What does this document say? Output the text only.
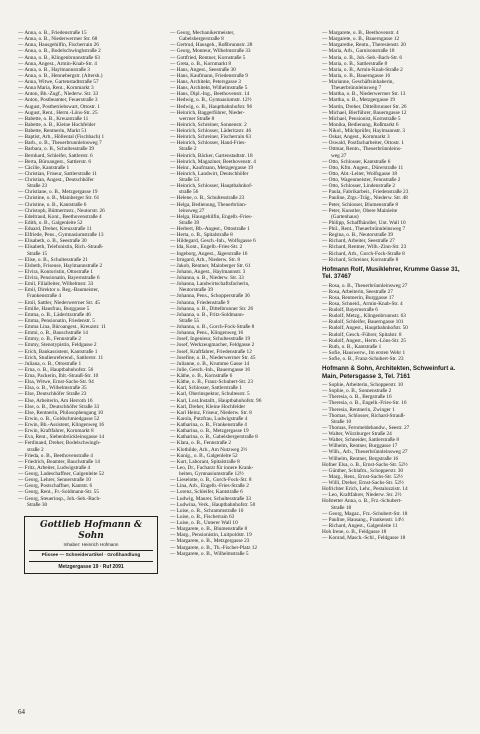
— Anna, o. B., Friedenstraße 15
— Anna, o. B., Niederwerrner Str. 68
— Anna, Hausgehilfin, Fischerrain 26
— Anna, o. B., Bodelschwinghstraße 2
— Anna, o. B., Klingenbrunnstraße 63
— Anna, Angest., Armin-Knab-Str. 4
— Anna, o. B., Haylmannstraße 3
— Anna, o. B., Hennebergstr. (Altersh.)
— Anna, Witwe, Gartenstadtstraße 57
— Anna Maria, Rent., Kornmarkt 3
— Anton, Bb.-Zugf., Niederw. Str. 33
— Anton, Postbeamter, Feuerstraße 3
— August, Postbetriebswart, Ottostr. 1
— August, Rent., Herm.-Löns-Str. 25
— Babette, o. B., Kreuzstraße 11
— Babette, o. B., Kleine Hochfelder
— Babette, Rentnerin, Markt 51
— Baptist, Arb., Höllental (Fischbach) 1
— Barb., o. B., Theuerbrunnleinsweg 7
— Barbara, o. B., Schultesstraße 39
— Bernhard, Schleifer, Sattlerstr. 6
— Berta, Büroangest., Sattlerstr. 6
— Cäcilie, Kantstraße 1
— Christian, Friseur, Sattlerstraße 11
— Christian, Angest., Deutschhöfer
Straße 23
— Christiane, o. B., Metzgergasse 19
— Christine, o. B., Mainberger Str. 61
— Christine, o. B., Kantstraße 6
— Christoph, Büttnermstr., Neutorstr. 26
— Edeltraud, Kont., Beethovenstraße 4
— Edith, o. B., Galgenleite 52
— Eduard, Dreher, Kreuzstraße 11
— Elfriede, Pens., Gymnasiumstraße 13
— Elisabeth, o. B., Seestraße 30
— Elisabeth, Telefonistin, Rich.-Strauß-
Straße 15
— Elise, o. B., Schultesstraße 21
— Elsbeth, Friseuse, Haylmannstraße 2
— Elvira, Kontoristin, Ottostraße 1
— Elvira, Pensionatin, Bayernstraße 6
— Emil, Filialleiter, Wilhelmstr. 33
— Emil, Direktor u. Reg.-Baumeister,
Frankenstraße 4
— Emil, Sattler, Niederwerrner Str. 45
— Emilie, Hausfrau, Burggasse 5
— Emma, o. B., Läderitzstraße 46
— Emma, Pensionatin, Friedenstr. 5
— Emma Lina, Büroangest., Kreuzstr. 11
— Emmi, o. B., Bauschstraße 14
— Emmy, o. B., Fennstraße 2
— Emmy, Stenotypistin, Feldgasse 2
— Erich, Bankassistent, Kantstraße 1
— Erich, Studienreferend., Sattlerstr. 11
— Juliana, o. B., Ottostraße 1
— Erna, o. B., Hauptbahnhofstr. 56
— Erna, Packerin, Ihlt.-Strauß-Str. 10
— Elsa, Witwe, Ernst-Sachs-Str. 94
— Elsa, o. B., Wilhelmstraße 35
— Else, Deutschhöfer Straße 23
— Else, Arbeiterin, Am Herroth 16
— Else, o. B., Deutschhöfer Straße 33
— Else, Rentnerin, Philosophengang 10
— Erwin, o. B., Goldschmiedgasse 52
— Erwin, Bb.-Assistent, Klingenweg 16
— Erwin, Kraftfahrer, Kornmarkt 8
— Eva, Rent., Siebenbrückleinsgasse 14
— Ferdinand, Dreher, Bodelschwingh-
straße 2
— Frieda, o. B., Beethovenstraße 4
— Friedrich, Beamter, Bauchstraße 14
— Fritz, Arbeiter, Ludwigstraße 4
— Georg, Ladeschaffner, Galgenleite 52
— Georg, Lehrer, Sennerstraße 10
— Georg, Postschaffner, Kantstr. 6
— Georg, Rent., Fr.-Soldmann-Str. 55
— Georg, Steuerinsp., Joh.-Seb.-Bach-
Straße 30
Gottlieb Hofmann & Sohn
Inhaber: Heinrich Hofmann
Plissee — Schneiderartikel · Großhandlung
Metzgergasse 19 · Ruf 2091
— Georg, Mechanikermeister,
Gabelsbergerstraße 8
— Gertrud, Hausgeh., Roßbrunnstr. 28
— Georg, Monteur, Wilhelmstraße 33
— Gottfried, Rentner, Kornstraße 5
— Greta, o. B., Kornmarkt 8
— Hans, Angest., Seestraße 30
— Hans, Kaufmann, Friedenstraße 9
— Hans, Architekt, Petersgasse 3
— Hans, Architekt, Wilhelmstraße 5
— Hans, Dipl.-Ing., Beethovenstr. 14
— Hedwig, o. B., Gymnasiumstr. 12½
— Hedwig, o. B., Hauptbahnhofstr. 96
— Heinrich, Baggerführer, Nieder-
werrner Straße 8
— Heinrich, Schreiner, Sonnenstr. 2
— Heinrich, Schlosser, Läderitzstr. 46
— Heinrich, Schreiner, Fischerrain 63
— Heinrich, Schlosser, Hand-Fries-
Straße 2
— Heinrich, Bäcker, Gartenstadtstr. 18
— Heinrich, Magaziner, Beethovenstr. 4
— Heinr., Kaufmann, Metzgergasse 19
— Heinrich, Landwirt, Deutschhöfer
Straße 53
— Heinrich, Schlosser, Hauptbahnhof-
straße 56
— Helene, o. B., Schultesstraße 23
— Helga, Bedienung, Theuerbrünn-
leinsweg 27
— Helga, Hausgehilfin, Engelb.-Fries-
Straße 39
— Herbert, Bb.-Angest., Ottostraße 1
— Herta, o. B., Spitalstraße 8
— Hildegard, Gesch.-Inh., Wolfsgasse 6
— Ida, Kont., Engelb.-Fries-Str. 2
— Ingeborg, Angest., Jägerstraße 16
— Irmgard, Arb., Niederw. Str. 8
— Jakob, Rentner, Mainberger Str. 61
— Johann, Angest., Haylmannstr. 3
— Johanna, o. B., Niederw. Str. 33
— Johanna, Landwirtschaftsfacherin,
Neutorstraße 39
— Johanna, Pens., Schopperstraße 36
— Johanna, Friedenstraße 9
— Johanna, o. B., Dittelbrunner Str. 26
— Johanna, o. B., Fritz-Soldmann-
Straße 55
— Johanna, o. B., Gorch-Fock-Straße 8
— Johanna, Pens., Klingenweg 16
— Josef, Ingenieur, Schultesstraße 19
— Josef, Werkzeugmacher, Feldgasse 2
— Josef, Kraftfahrer, Friedenstraße 12
— Josefine, o. B., Niederwerrner Str. 45
— Julianne, o. B., Krumme Gasse 14
— Julie, Gesch.-Inh., Bauerngasse 16
— Käthe, o. B., Kornstraße 6
— Käthe, o. B., Franz-Schubert-Str. 23
— Karl, Schlosser, Sattlerstraße 1
— Karl, Oberinspektor, Schultesstr. 5
— Karl, Lost.Installt., Hauptbahnhofstr. 96
— Karl, Dreher, Kleine Hochfelder
— Karl Heinz, Friseur, Niederw. Str. 8
— Karola, Putzfrau, Ludwigstraße 4
— Katharina, o. B., Frankenstraße 4
— Katharina, o. B., Metzgergasse 19
— Katharina, o. B., Gabelsbergerstraße 8
— Klara, o. B., Fennstraße 2
— Klothilde, Arb., Am Nutzweg 2½
— Kunig., o. B., Galgenleite 52
— Kurt, Laborant, Spitalstraße 8
— Leo, Dr., Facharzt für innere Krank-
heiten, Gymnasiumstraße 12½
— Lieselotte, o. B., Gorch-Fock-Str. 8
— Lina, Arb., Engelb.-Fries-Straße 2
— Lorenz, Schleifer, Kantstraße 6
— Ludwig, Maurer, Schultesstraße 33
— Ludwina, Verk., Hauptbahnhofstr. 50
— Luise, o. B., Schrammstraße 10
— Luise, o. B., Fischerrain 63
— Luise, o. B., Unterer Wall 10
— Margarete, o. B., Blumenstraße 8
— Marg., Pensionistin, Luitpoldstr. 19
— Margarete, o. B., Metzgergasse 23
— Margarete, o. B., Th.-Fischer-Platz 12
— Margarete, o. B., Wilhelmstraße 5
— Margarete, o. B., Beethovenstr. 4
— Margarete, o. B., Bauerngasse 12
— Margarethe, Rentn., Theresienstr. 20
— Maria, Arb., Garnisonstraße 18
— Maria, o. B., Joh.-Seb.-Bach-Str. 6
— Maria, o. B., Sattlerstraße 8
— Maria, o. B., Armin-Knab-Straße 2
— Maria, o. B., Bauerngasse 16
— Marianne, Geschäftsinhaberin,
Theuerbrünnleinsweg 7
— Martha, o. B., Niederwerrner Str. 13
— Martha, o. B., Metzgergasse 19
— Martin, Dreher, Dittelbrunner Str. 26
— Michael, Bierführer, Bauerngasse 12
— Michael, Pensionist, Kornstraße 5
— Monika, Bedienung, Roßmarkt 6
— Nikol., Milchprüfer, Haylmannstr. 3
— Oskar, Angest., Kornmarkt 3
— Oswald, Postfacharbeiter, Ottostr. 1
— Ottmar, Rentn., Theuerbrünnleins-
weg 27
— Otto, Schlosser, Kantstraße 6
— Otto, Kfm. Angest., Dürerstraße 11
— Otto, Abt.-Leiter, Wolfsgasse 18
— Otto, Wagenmeister, Fennstraße 2
— Otto, Schlosser, Lindenstraße 2
— Paula, Fabrikarbeit., Friedenstraße 23
— Pauline, Ztgs.-Träg., Niederw. Str. 48
— Peter, Schlosser, Blumenstraße 8
— Peter, Kunstler, Obere Mainleite
(Gartenhaus)
— Philipp, Schaffhändler, Unt. Wall 10
— Phil., Rent., Theuerbrünnleinsweg 7
— Regina, o. B., Neutorstraße 39
— Richard, Arbeiter, Seestraße 27
— Richard, Rentner, Wilh.-Zinn-Str. 23
— Richard, Arb., Gorch-Fock-Straße 8
— Richard, Schreiner, Kornstraße 8
Hofmann Rolf, Musiklehrer, Krumme Gasse 31, Tel. 37467
— Rosa, o. B., Theuerbrünnleinsweg 27
— Rosa, Arbeiterin, Seestraße 27
— Rosa, Rentnerin, Burggasse 17
— Rosa, Schneid., Armin-Knab-Str. 4
— Rudolf, Bayernstraße 6
— Rudolf, Metzg., Klingenbrunnstr. 63
— Rudolf, Schleifer, Bauerngasse 101
— Rudolf, Angest., Hauptbahnhofstr. 50
— Rudolf, Gesch.-Führer, Spitalstr. 8
— Rudolf, Angest., Herm.-Löns-Str. 25
— Ruth, o. B., Kantstraße 1
— Sofie, Hauswerw., Im ersten Wehr 1
— Sofie, o. B., Franz-Schubert-Str. 23
Hofmann & Sohn, Architekten, Schweinfurt a. Main, Petersgasse 3, Tel. 7161
— Sophie, Arbeiterin, Schopperstr. 10
— Sophie, o. B., Sonnenstraße 2
— Theresia, o. B., Bergstraße 16
— Theresia, o. B., Engelb.-Fries-Str. 16
— Theresia, Rentnerin, Zwinger 1
— Thomas, Schlosser, Richard-Strauß-
Straße 10
— Thomas, Fernmeldehandw., Seestr. 27
— Walter, Würzburger Straße 24
— Walter, Schneider, Sattlerstraße 8
— Wilhelm, Rentner, Burggasse 17
— Wilh., Arb., Theuerbrünnleinsweg 27
— Wilhelm, Rentner, Bergstraße 16
Hofner Elsa, o. B., Ernst-Sachs-Str. 52½
— Günther, Schlafm., Schopperstr. 30
— Marg., Rent., Ernst-Sachs-Str. 52½
— Willi, Dreher, Ernst-Sachs-Str. 52½
Hofrichter Erich, Lehr., Pestalozzistr. 14
— Leo, Kraftfahrer, Niederw. Str. 2½
Hofstetter Anna, o. B., Frz.-Schubert-
Straße 18
— Georg, Magaz., Frz.-Schubert-Str. 18
— Pauline, Hausang., Frankenstr. 14½
— Richard, Angest., Galgenleite 11
Hoh Irene, o. B., Feldgasse 18
— Konrad, Masch.-Schl., Feldgasse 18
64
